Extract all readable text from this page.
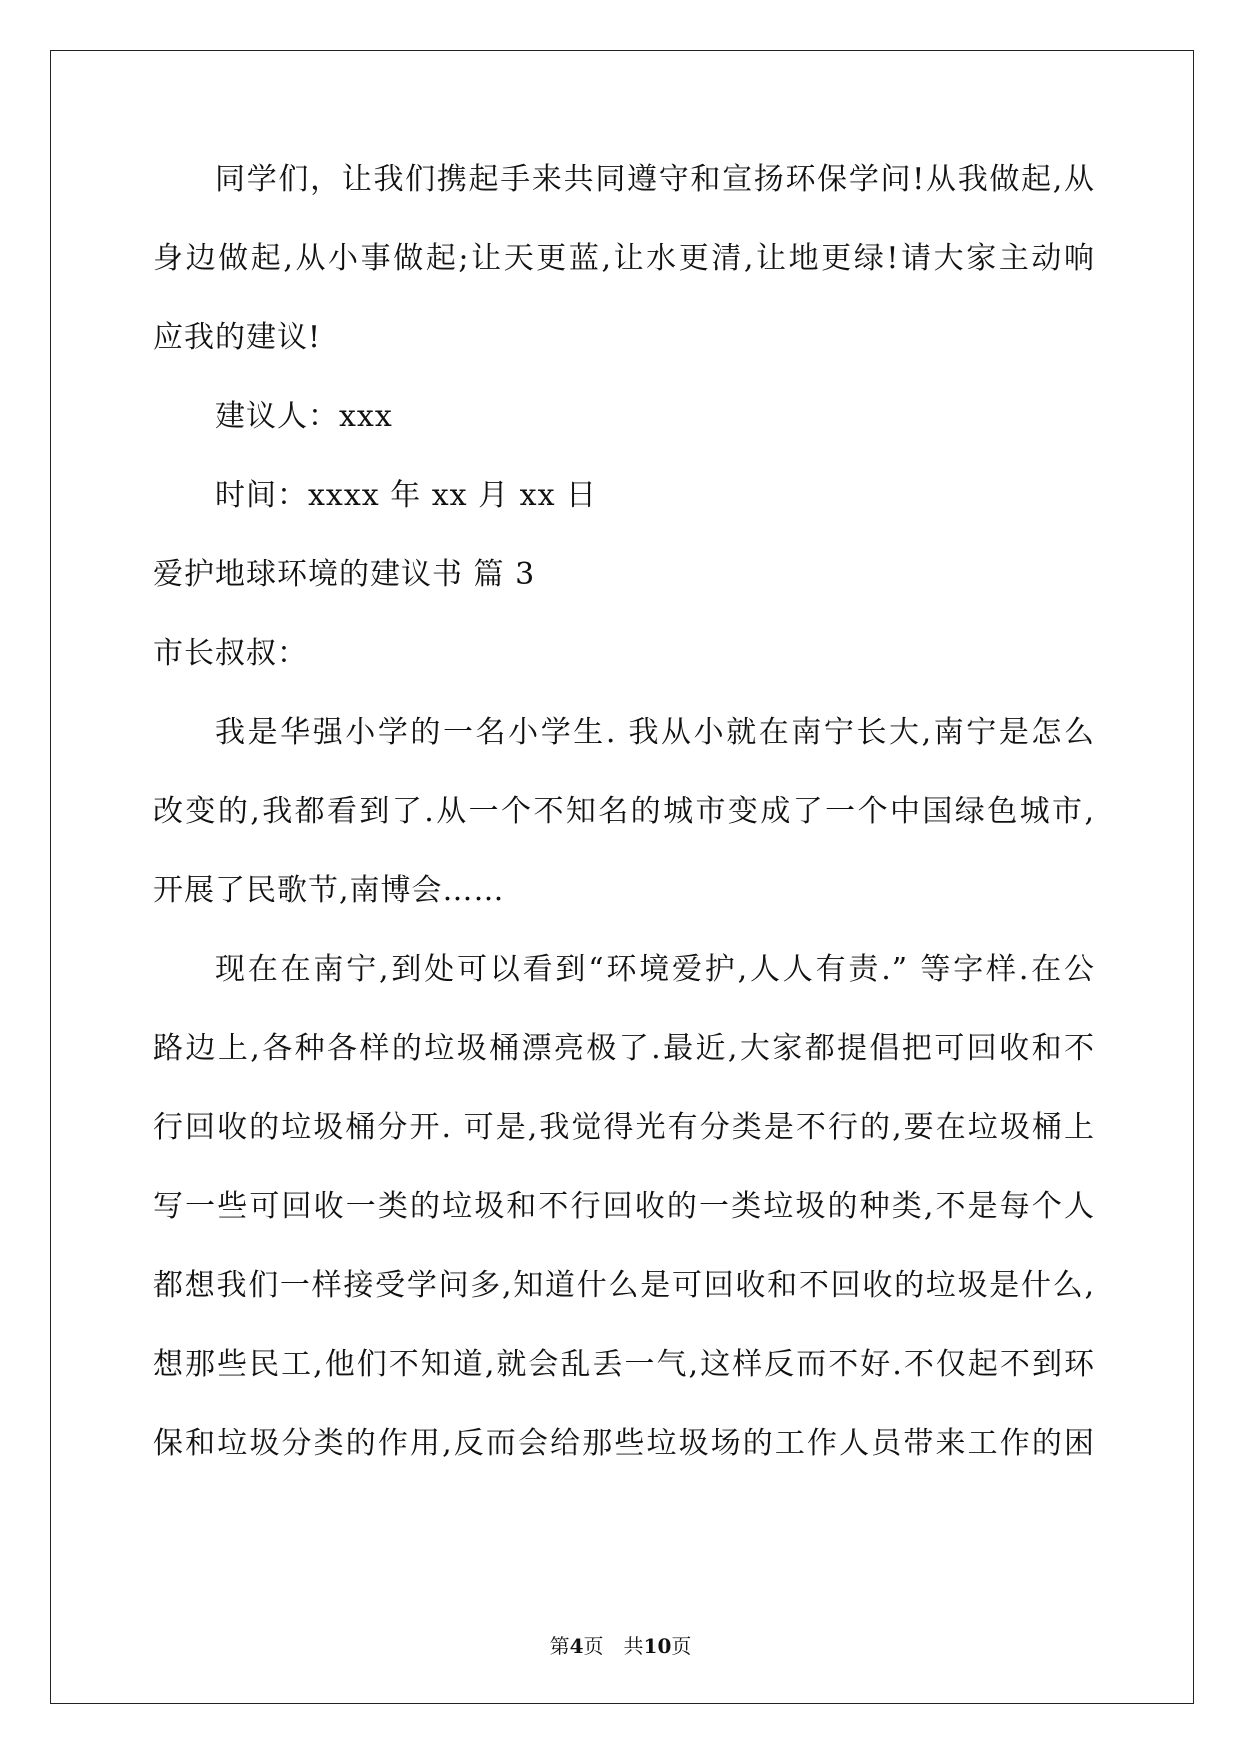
同学们，让我们携起手来共同遵守和宣扬环保学问!从我做起,从
身边做起,从小事做起;让天更蓝,让水更清,让地更绿!请大家主动响
应我的建议!
建议人：xxx
时间：xxxx 年 xx 月 xx 日
爱护地球环境的建议书 篇 3
市长叔叔：
我是华强小学的一名小学生. 我从小就在南宁长大,南宁是怎么
改变的,我都看到了.从一个不知名的城市变成了一个中国绿色城市,
开展了民歌节,南博会……
现在在南宁,到处可以看到“环境爱护,人人有责.” 等字样.在公
路边上,各种各样的垃圾桶漂亮极了.最近,大家都提倡把可回收和不
行回收的垃圾桶分开. 可是,我觉得光有分类是不行的,要在垃圾桶上
写一些可回收一类的垃圾和不行回收的一类垃圾的种类,不是每个人
都想我们一样接受学问多,知道什么是可回收和不回收的垃圾是什么,
想那些民工,他们不知道,就会乱丢一气,这样反而不好.不仅起不到环
保和垃圾分类的作用,反而会给那些垃圾场的工作人员带来工作的困
第4页 共10页
